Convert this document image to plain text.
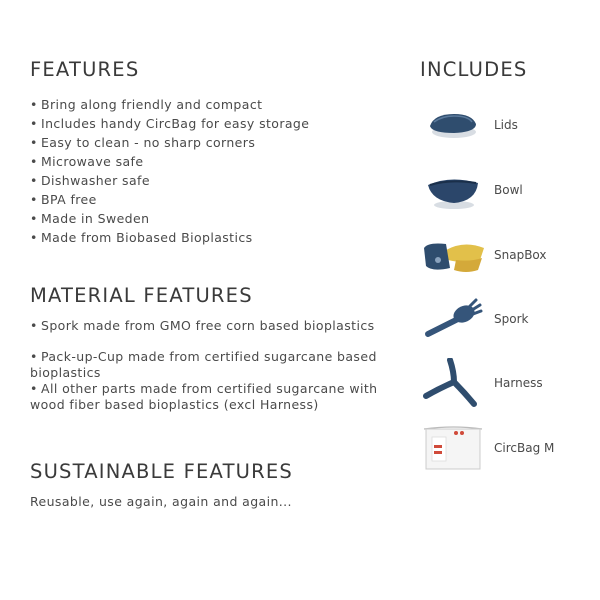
FEATURES
• Bring along friendly and compact
• Includes handy CircBag for easy storage
• Easy to clean - no sharp corners
• Microwave safe
• Dishwasher safe
• BPA free
• Made in Sweden
• Made from Biobased Bioplastics
MATERIAL FEATURES
• Spork made from GMO free corn based bioplastics
• Pack-up-Cup made from certified sugarcane based bioplastics
• All other parts made from certified sugarcane with wood fiber based bioplastics (excl Harness)
SUSTAINABLE FEATURES
Reusable, use again, again and again...
INCLUDES
Lids
Bowl
SnapBox
Spork
Harness
CircBag M
